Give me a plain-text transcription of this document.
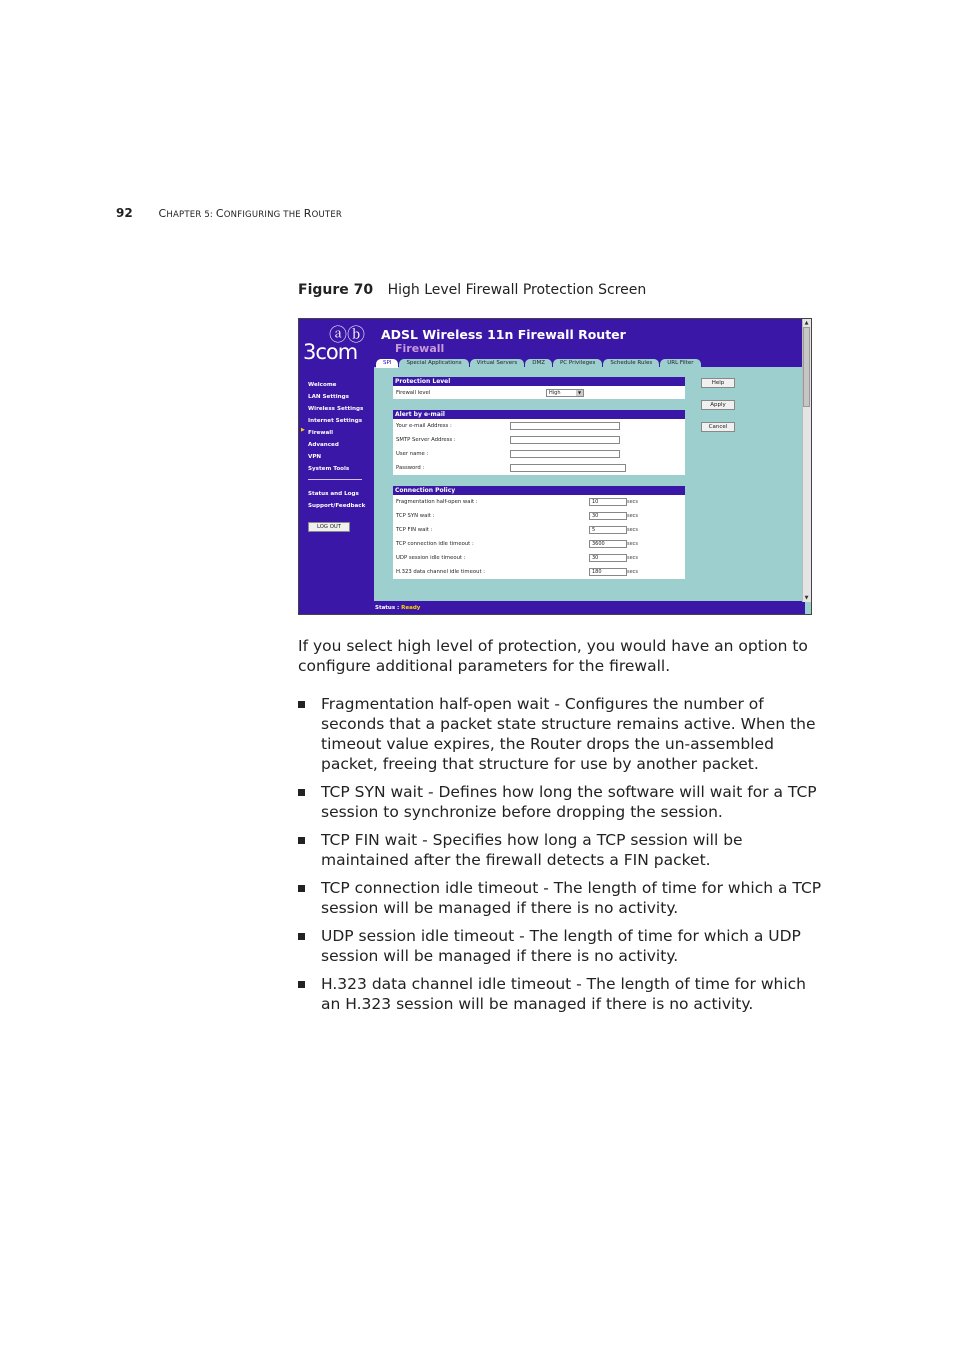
92 CHAPTER 5: CONFIGURING THE ROUTER
Figure 70 High Level Firewall Protection Screen
ⓐⓑ
3com
▶
Welcome
LAN Settings
Wireless Settings
Internet Settings
Firewall
Advanced
VPN
System Tools
Status and Logs
Support/Feedback
LOG OUT
ADSL Wireless 11n Firewall Router
Firewall
SPI	Special Applications	Virtual Servers	DMZ	PC Privileges	Schedule Rules	URL Filter
Protection Level
Firewall level	High	▼
Alert by e-mail
Your e-mail Address :
SMTP Server Address :
User name :
Password :
Connection Policy
Fragmentation half-open wait :	10	secs
TCP SYN wait :	30	secs
TCP FIN wait :	5	secs
TCP connection idle timeout :	3600	secs
UDP session idle timeout :	30	secs
H.323 data channel idle timeout :	180	secs
Help
Apply
Cancel
Status : Ready
▲
▼
If you select high level of protection, you would have an option to configure additional parameters for the firewall.
Fragmentation half-open wait - Configures the number of seconds that a packet state structure remains active. When the timeout value expires, the Router drops the un-assembled packet, freeing that structure for use by another packet.
TCP SYN wait - Defines how long the software will wait for a TCP session to synchronize before dropping the session.
TCP FIN wait - Specifies how long a TCP session will be maintained after the firewall detects a FIN packet.
TCP connection idle timeout - The length of time for which a TCP session will be managed if there is no activity.
UDP session idle timeout - The length of time for which a UDP session will be managed if there is no activity.
H.323 data channel idle timeout - The length of time for which an H.323 session will be managed if there is no activity.
